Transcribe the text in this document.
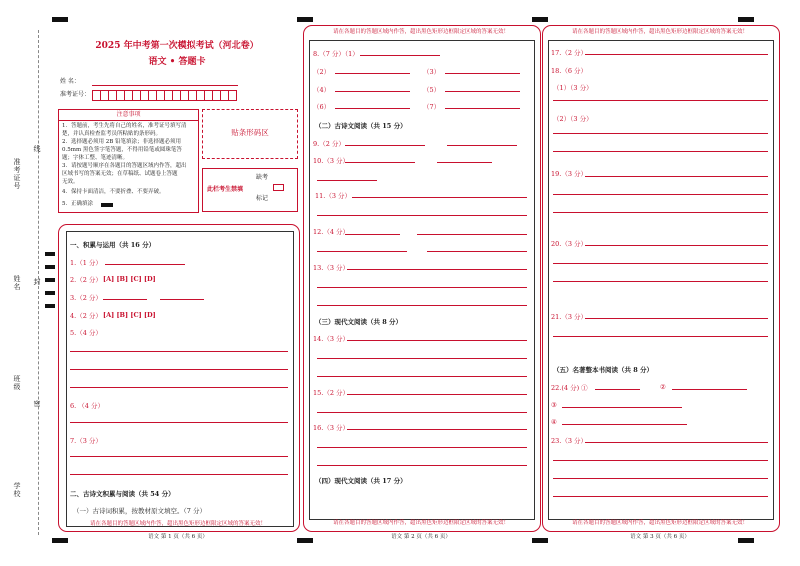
准考证号
线
姓名 封
班级
密
学校
2025 年中考第一次模拟考试（河北卷）
语文 • 答题卡
姓 名：
准考证号：
注意事项
1．答题前，考生先将自己的姓名，准考证号填写清
楚，并认真检查监考员所粘贴的条形码。
2．选择题必须用 2B 铅笔填涂；非选择题必须用
0.5mm 黑色签字笔答题，不得用铅笔或圆珠笔答
题；字体工整、笔迹清晰。
3．请按题号顺序在各题目的答题区域内作答，超出
区域书写的答案无效；在草稿纸、试题卷上答题
无效。
4．保持卡面清洁，不要折叠、不要弄破。
5．正确填涂
贴条形码区
此栏考生禁填
缺考
标记
一、积累与运用（共 16 分）
1.（1 分）
2.（2 分） [A] [B] [C] [D]
3.（2 分）
4.（2 分） [A] [B] [C] [D]
5.（4 分）
6. （4 分）
7.（3 分）
二、古诗文积累与阅读（共 54 分）
（一）古诗词积累，按教材原文填空。（7 分）
请在各题目的答题区域内作答，超出黑色矩形边框限定区域的答案无效！
语文 第 1 页（共 6 页）
请在各题目的答题区域内作答，超出黑色矩形边框限定区域的答案无效！
8.（7 分）（1）
（2）	（3）
（4）	（5）
（6）	（7）
（二）古诗文阅读（共 15 分）
9.（2 分）
10.（3 分）
11.（3 分）
12.（4 分）
13.（3 分）
（三）现代文阅读（共 8 分）
14.（3 分）
15.（2 分）
16.（3 分）
（四）现代文阅读（共 17 分）
请在各题目的答题区域内作答，超出黑色矩形边框限定区域的答案无效！
语文 第 2 页（共 6 页）
请在各题目的答题区域内作答，超出黑色矩形边框限定区域的答案无效！
17.（2 分）
18.（6 分）
（1）（3 分）
（2）（3 分）
19.（3 分）
20.（3 分）
21.（3 分）
（五）名著整本书阅读（共 8 分）
22.(4 分) ①	②
③
④
23.（3 分）
请在各题目的答题区域内作答，超出黑色矩形边框限定区域的答案无效！
语文 第 3 页（共 6 页）
